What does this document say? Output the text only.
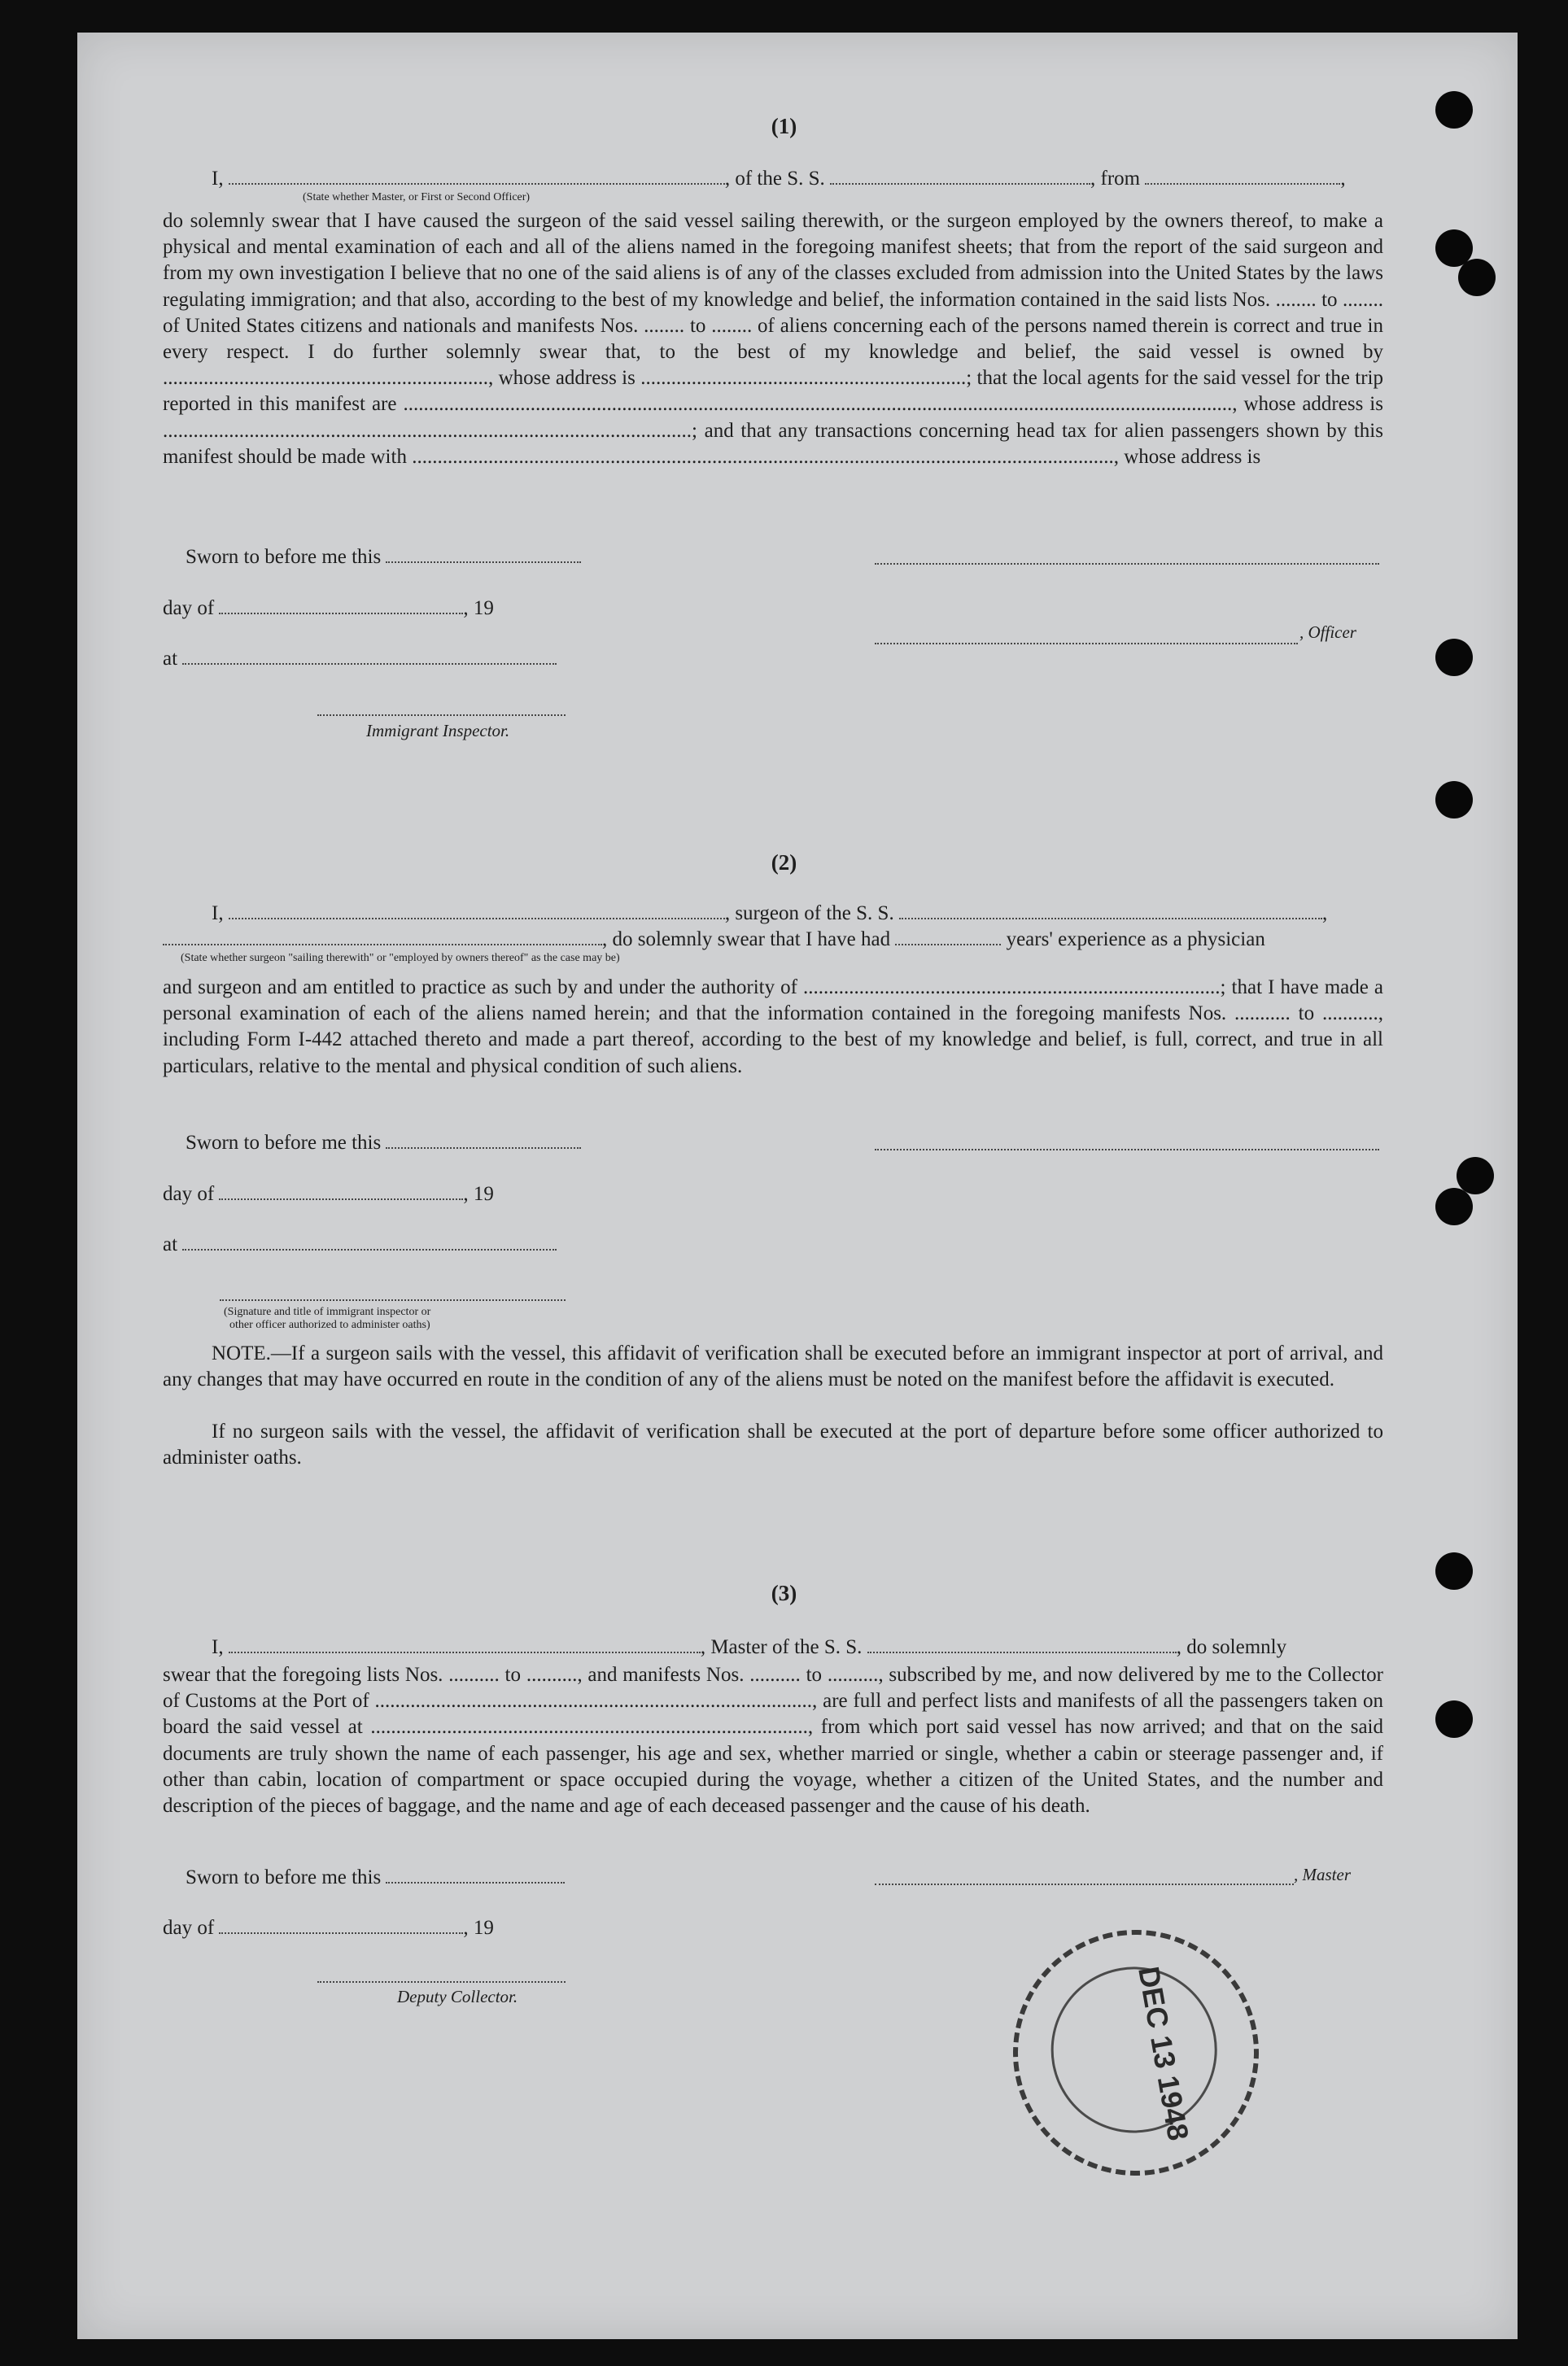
(1)
I,	, of the S. S.	, from	,
(State whether Master, or First or Second Officer)
do solemnly swear that I have caused the surgeon of the said vessel sailing therewith, or the surgeon employed by the owners thereof, to make a physical and mental examination of each and all of the aliens named in the foregoing manifest sheets; that from the report of the said surgeon and from my own investigation I believe that no one of the said aliens is of any of the classes excluded from admission into the United States by the laws regulating immigration; and that also, according to the best of my knowledge and belief, the information contained in the said lists Nos. ........ to ........ of United States citizens and nationals and manifests Nos. ........ to ........ of aliens concerning each of the persons named therein is correct and true in every respect. I do further solemnly swear that, to the best of my knowledge and belief, the said vessel is owned by ................................................................, whose address is ................................................................; that the local agents for the said vessel for the trip reported in this manifest are ..................................................................................................................................................................., whose address is ........................................................................................................; and that any transactions concerning head tax for alien passengers shown by this manifest should be made with .........................................................................................................................................., whose address is
Sworn to before me this
day of	, 19
, Officer
at
Immigrant Inspector.
(2)
I,	, surgeon of the S. S.	,
, do solemnly swear that I have had	years' experience as a physician
(State whether surgeon "sailing therewith" or "employed by owners thereof" as the case may be)
and surgeon and am entitled to practice as such by and under the authority of ..................................................................................; that I have made a personal examination of each of the aliens named herein; and that the information contained in the foregoing manifests Nos. ........... to ..........., including Form I-442 attached thereto and made a part thereof, according to the best of my knowledge and belief, is full, correct, and true in all particulars, relative to the mental and physical condition of such aliens.
Sworn to before me this
day of	, 19
at
(Signature and title of immigrant inspector or
other officer authorized to administer oaths)
NOTE.—If a surgeon sails with the vessel, this affidavit of verification shall be executed before an immigrant inspector at port of arrival, and any changes that may have occurred en route in the condition of any of the aliens must be noted on the manifest before the affidavit is executed.
If no surgeon sails with the vessel, the affidavit of verification shall be executed at the port of departure before some officer authorized to administer oaths.
(3)
I,	, Master of the S. S.	, do solemnly
swear that the foregoing lists Nos. .......... to .........., and manifests Nos. .......... to .........., subscribed by me, and now delivered by me to the Collector of Customs at the Port of ......................................................................................, are full and perfect lists and manifests of all the passengers taken on board the said vessel at ......................................................................................, from which port said vessel has now arrived; and that on the said documents are truly shown the name of each passenger, his age and sex, whether married or single, whether a cabin or steerage passenger and, if other than cabin, location of compartment or space occupied during the voyage, whether a citizen of the United States, and the number and description of the pieces of baggage, and the name and age of each deceased passenger and the cause of his death.
Sworn to before me this	, Master
day of	, 19
Deputy Collector.	DEC 13 1948
